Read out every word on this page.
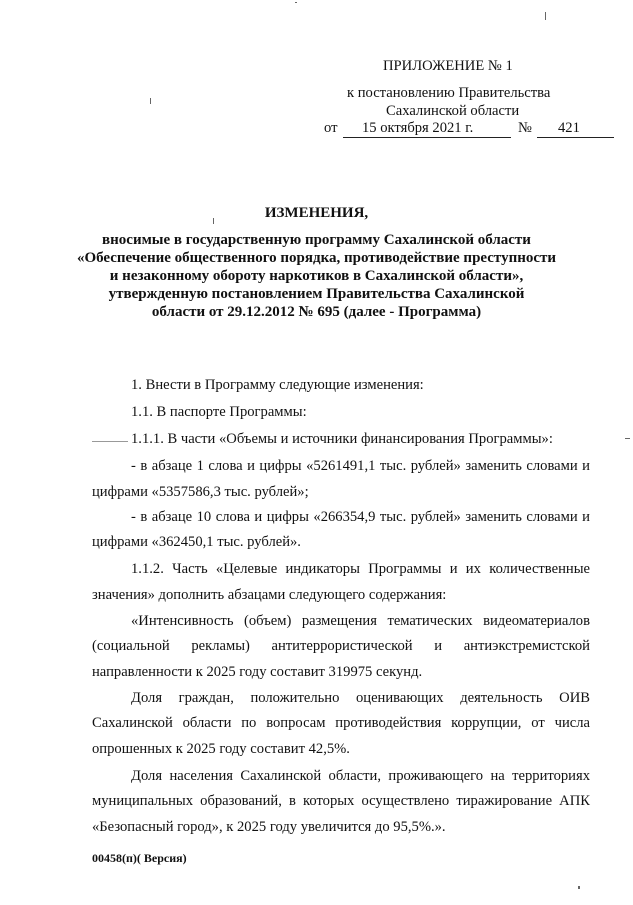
ПРИЛОЖЕНИЕ № 1
к постановлению Правительства
Сахалинской области
от 15 октября 2021 г.	№ 421
ИЗМЕНЕНИЯ,
вносимые в государственную программу Сахалинской области
«Обеспечение общественного порядка, противодействие преступности
и незаконному обороту наркотиков в Сахалинской области»,
утвержденную постановлением Правительства Сахалинской
области от 29.12.2012 № 695 (далее - Программа)
1. Внести в Программу следующие изменения:
1.1. В паспорте Программы:
1.1.1. В части «Объемы и источники финансирования Программы»:
- в абзаце 1 слова и цифры «5261491,1 тыс. рублей» заменить словами и
цифрами «5357586,3 тыс. рублей»;
- в абзаце 10 слова и цифры «266354,9 тыс. рублей» заменить словами и
цифрами «362450,1 тыс. рублей».
1.1.2. Часть «Целевые индикаторы Программы и их количественные
значения» дополнить абзацами следующего содержания:
«Интенсивность (объем) размещения тематических видеоматериалов
(социальной рекламы) антитеррористической и антиэкстремистской
направленности к 2025 году составит 319975 секунд.
Доля граждан, положительно оценивающих деятельность ОИВ
Сахалинской области по вопросам противодействия коррупции, от числа
опрошенных к 2025 году составит 42,5%.
Доля населения Сахалинской области, проживающего на территориях
муниципальных образований, в которых осуществлено тиражирование АПК
«Безопасный город», к 2025 году увеличится до 95,5%.».
00458(п)( Версия)
